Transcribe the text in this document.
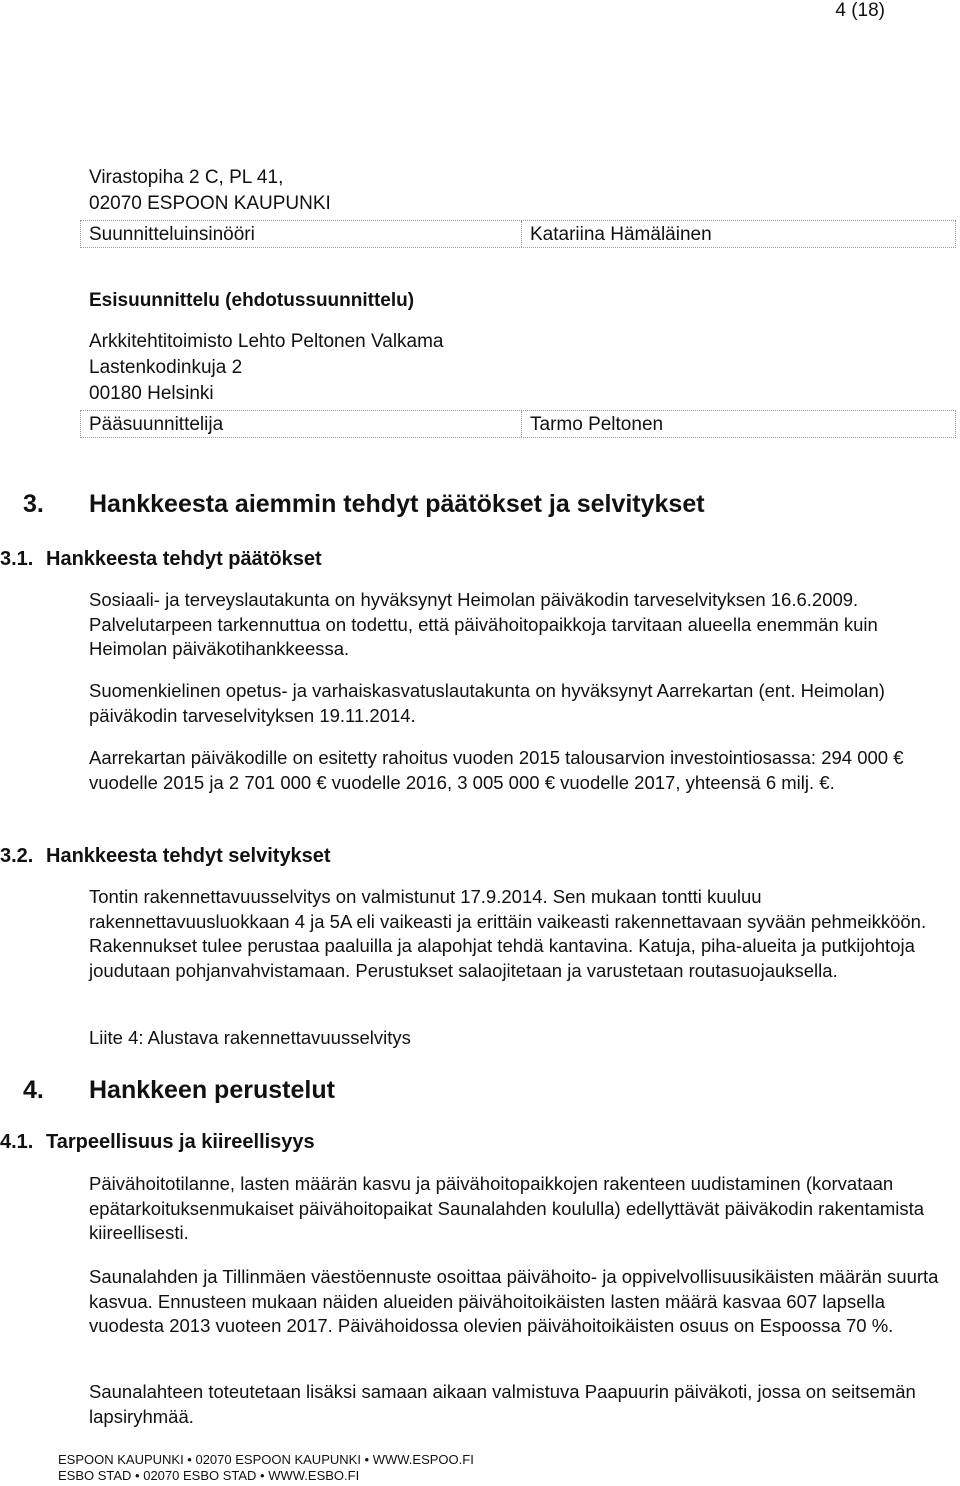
4 (18)
Virastopiha 2 C, PL 41,
02070 ESPOON KAUPUNKI
Suunnitteluinsinööri	Katariina Hämäläinen
Esisuunnittelu (ehdotussuunnittelu)
Arkkitehtitoimisto Lehto Peltonen Valkama
Lastenkodinkuja 2
00180 Helsinki
Pääsuunnittelija	Tarmo Peltonen
3. Hankkeesta aiemmin tehdyt päätökset ja selvitykset
3.1. Hankkeesta tehdyt päätökset

Sosiaali- ja terveyslautakunta on hyväksynyt Heimolan päiväkodin tarveselvityksen 16.6.2009. Palvelutarpeen tarkennuttua on todettu, että päivähoitopaikkoja tarvitaan alueella enemmän kuin Heimolan päiväkotihankkeessa.

Suomenkielinen opetus- ja varhaiskasvatuslautakunta on hyväksynyt Aarrekartan (ent. Heimolan) päiväkodin tarveselvityksen 19.11.2014.

Aarrekartan päiväkodille on esitetty rahoitus vuoden 2015 talousarvion investointiosassa: 294 000 € vuodelle 2015 ja 2 701 000 € vuodelle 2016, 3 005 000 € vuodelle 2017, yhteensä 6 milj. €.

3.2. Hankkeesta tehdyt selvitykset

Tontin rakennettavuusselvitys on valmistunut 17.9.2014. Sen mukaan tontti kuuluu rakennettavuusluokkaan 4 ja 5A eli vaikeasti ja erittäin vaikeasti rakennettavaan syvään pehmeikköön. Rakennukset tulee perustaa paaluilla ja alapohjat tehdä kantavina. Katuja, piha-alueita ja putkijohtoja joudutaan pohjanvahvistamaan. Perustukset salaojitetaan ja varustetaan routasuojauksella.

Liite 4: Alustava rakennettavuusselvitys

4. Hankkeen perustelut
4.1. Tarpeellisuus ja kiireellisyys

Päivähoitotilanne, lasten määrän kasvu ja päivähoitopaikkojen rakenteen uudistaminen (korvataan epätarkoituksenmukaiset päivähoitopaikat Saunalahden koululla) edellyttävät päiväkodin rakentamista kiireellisesti.

Saunalahden ja Tillinmäen väestöennuste osoittaa päivähoito- ja oppivelvollisuusikäisten määrän suurta kasvua. Ennusteen mukaan näiden alueiden päivähoitoikäisten lasten määrä kasvaa 607 lapsella vuodesta 2013 vuoteen 2017. Päivähoidossa olevien päivähoitoikäisten osuus on Espoossa 70 %.

Saunalahteen toteutetaan lisäksi samaan aikaan valmistuva Paapuurin päiväkoti, jossa on seitsemän lapsiryhmää.

ESPOON KAUPUNKI • 02070 ESPOON KAUPUNKI • WWW.ESPOO.FI
ESBO STAD • 02070 ESBO STAD • WWW.ESBO.FI
